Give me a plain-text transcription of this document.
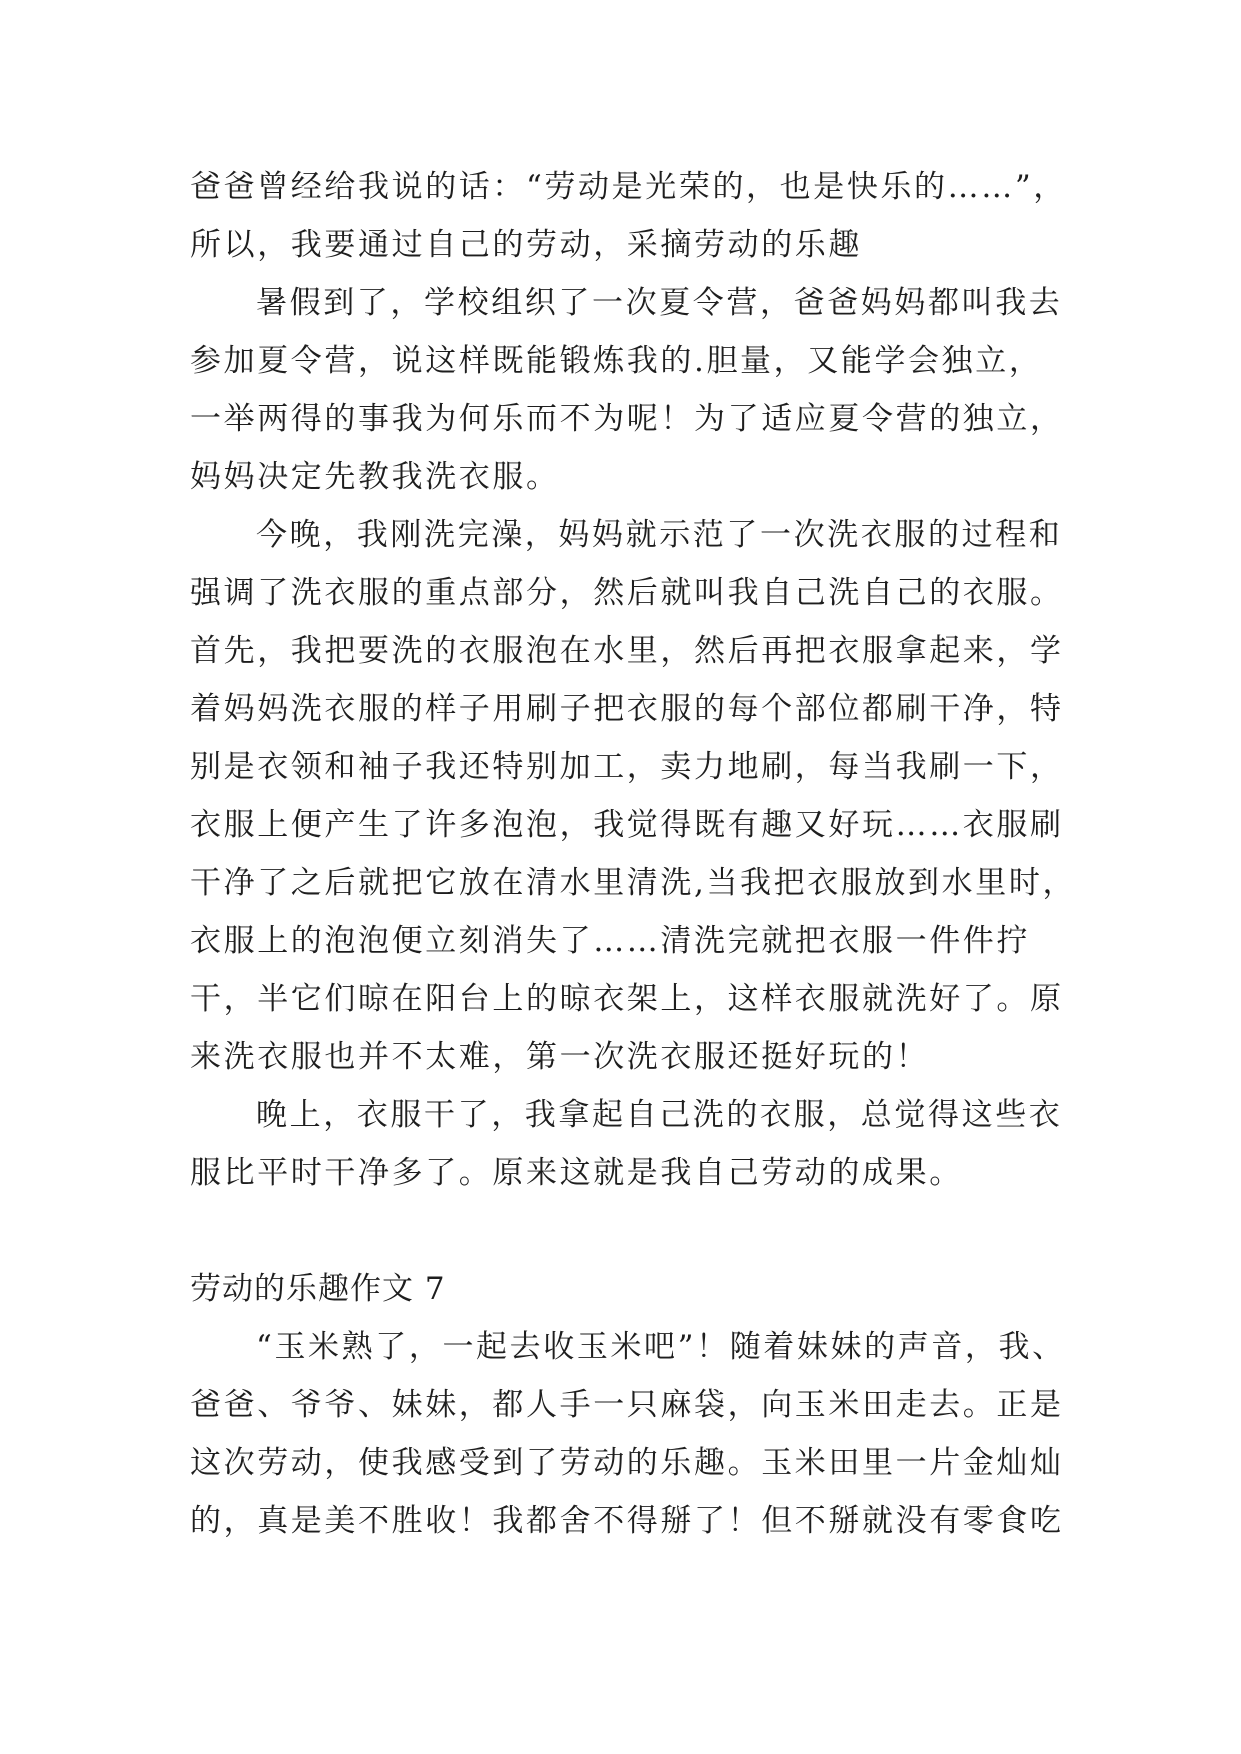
爸爸曾经给我说的话：“劳动是光荣的，也是快乐的……”，
所以，我要通过自己的劳动，采摘劳动的乐趣
暑假到了，学校组织了一次夏令营，爸爸妈妈都叫我去
参加夏令营，说这样既能锻炼我的.胆量，又能学会独立，
一举两得的事我为何乐而不为呢！为了适应夏令营的独立，
妈妈决定先教我洗衣服。
今晚，我刚洗完澡，妈妈就示范了一次洗衣服的过程和
强调了洗衣服的重点部分，然后就叫我自己洗自己的衣服。
首先，我把要洗的衣服泡在水里，然后再把衣服拿起来，学
着妈妈洗衣服的样子用刷子把衣服的每个部位都刷干净，特
别是衣领和袖子我还特别加工，卖力地刷，每当我刷一下，
衣服上便产生了许多泡泡，我觉得既有趣又好玩……衣服刷
干净了之后就把它放在清水里清洗,当我把衣服放到水里时，
衣服上的泡泡便立刻消失了……清洗完就把衣服一件件拧
干，半它们晾在阳台上的晾衣架上，这样衣服就洗好了。原
来洗衣服也并不太难，第一次洗衣服还挺好玩的！
晚上，衣服干了，我拿起自己洗的衣服，总觉得这些衣
服比平时干净多了。原来这就是我自己劳动的成果。
劳动的乐趣作文 7
“玉米熟了，一起去收玉米吧”！随着妹妹的声音，我、
爸爸、爷爷、妹妹，都人手一只麻袋，向玉米田走去。正是
这次劳动，使我感受到了劳动的乐趣。玉米田里一片金灿灿
的，真是美不胜收！我都舍不得掰了！但不掰就没有零食吃
